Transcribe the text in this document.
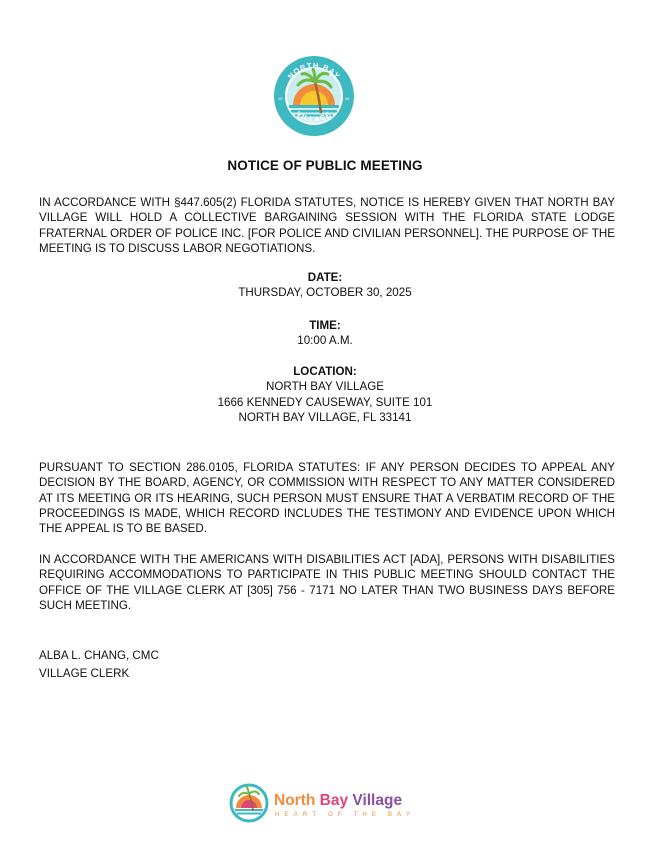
NORTH BAY
VILLAGE
19	45
NOTICE OF PUBLIC MEETING

IN ACCORDANCE WITH §447.605(2) FLORIDA STATUTES, NOTICE IS HEREBY GIVEN THAT NORTH BAY VILLAGE WILL HOLD A COLLECTIVE BARGAINING SESSION WITH THE FLORIDA STATE LODGE FRATERNAL ORDER OF POLICE INC. [FOR POLICE AND CIVILIAN PERSONNEL]. THE PURPOSE OF THE MEETING IS TO DISCUSS LABOR NEGOTIATIONS.

DATE:
THURSDAY, OCTOBER 30, 2025
TIME:
10:00 A.M.
LOCATION:
NORTH BAY VILLAGE
1666 KENNEDY CAUSEWAY, SUITE 101
NORTH BAY VILLAGE, FL 33141

PURSUANT TO SECTION 286.0105, FLORIDA STATUTES: IF ANY PERSON DECIDES TO APPEAL ANY DECISION BY THE BOARD, AGENCY, OR COMMISSION WITH RESPECT TO ANY MATTER CONSIDERED AT ITS MEETING OR ITS HEARING, SUCH PERSON MUST ENSURE THAT A VERBATIM RECORD OF THE PROCEEDINGS IS MADE, WHICH RECORD INCLUDES THE TESTIMONY AND EVIDENCE UPON WHICH THE APPEAL IS TO BE BASED.

IN ACCORDANCE WITH THE AMERICANS WITH DISABILITIES ACT [ADA], PERSONS WITH DISABILITIES REQUIRING ACCOMMODATIONS TO PARTICIPATE IN THIS PUBLIC MEETING SHOULD CONTACT THE OFFICE OF THE VILLAGE CLERK AT [305] 756 - 7171 NO LATER THAN TWO BUSINESS DAYS BEFORE SUCH MEETING.

ALBA L. CHANG, CMC
VILLAGE CLERK
North Bay Village
HEART OF THE BAY
